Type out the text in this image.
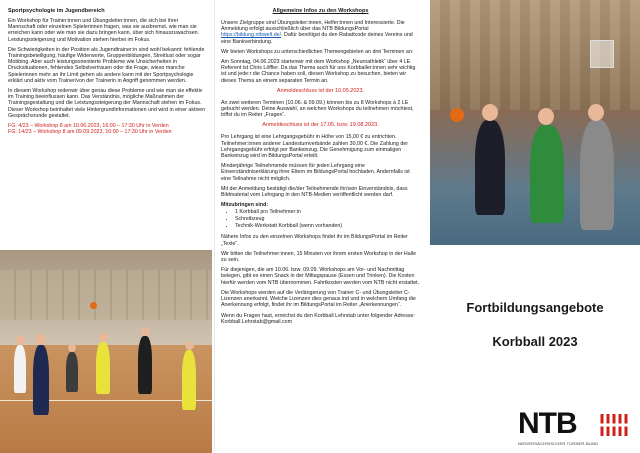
Sportpsychologie im Jugendbereich

Ein Workshop für Trainer:innen und Übungsleiter:innen, die sich bei ihrer Mannschaft oder einzelnen Spielerinnen fragen, was sie ausbremst, wie man sie erreichen kann oder wie man sie dazu bringen kann, über sich hinauszuwachsen. Leistungssteigerung und Motivation stehen hierbei im Fokus.

Die Schwierigkeiten in der Position als Jugendtrainer:in sind wohl bekannt: fehlende Trainingsbeteiligung, häufige Widerworte, Gruppenbildungen, Streitlust oder sogar Mobbing. Aber auch leistungsorientierte Probleme wie Unsicherheiten in Drucksituationen, fehlendes Selbstvertrauen oder die Frage, wieso manche Spielerinnen mehr an ihr Limit gehen als andere kann mit der Sportpsychologie erklärt und aktiv vom Trainer/von der Trainerin in Angriff genommen werden.

In diesem Workshop redenwir über genau diese Probleme und wie man sie effektiv im Training beeinflussen kann. Das Verständnis, mögliche Maßnahmen der Trainingsgestaltung und die Leistungssteigerung der Mannschaft stehen im Fokus. Dieser Workshop beinhaltet viele Hintergrundinformationen und wird in einer aktiven Gesprächsrunde gestaltet.

FG: 4/23 – Workshop 8 am 10.06.2023, 16:00 – 17:30 Uhr in Verden
FG: 14/23 – Workshop 8 am 09.09.2023, 16:00 – 17:30 Uhr in Verden
Allgemeine Infos zu den Workshops

Unsere Zielgruppe sind Übungsleiter:innen, Helfer:innen und Interessierte. Die Anmeldung erfolgt ausschließlich über das NTB BildungsPortal https://bildung.ntbwelt.de/. Dafür benötigst du den Rabattcode deines Vereins und eine Bankverbindung.

Wir bieten Workshops zu unterschiedlichen Themengebieten an drei Terminen an:

Am Sonntag, 04.06.2023 startenwir mit dem Workshop „Neuroathletik“ über 4 LE. Referent ist Chris Löffler. Da das Thema auch für uns Korbballer:innen sehr wichtig ist und jede:r die Chance haben soll, diesen Workshop zu besuchen, bieten wir dieses Thema an einem separaten Termin an.

Anmeldeschluss ist der 10.05.2023.

An zwei weiteren Terminen (10.06. & 09.09.) können bis zu 8 Workshops á 2 LE gebucht werden. Deine Auswahl, an welchen Workshops du teilnehmen möchtest, triffst du im Reiter „Fragen“.

Anmeldeschluss ist der 17.05. bzw. 19.08.2023.

Pro Lehrgang ist eine Lehrgangsgebühr in Höhe von 15,00 € zu entrichten. Teilnehmer:innen anderer Landesturnverbände zahlen 30,00 €. Die Zahlung der Lehrgangsgebühr erfolgt per Bankeinzug. Die Genehmigung zum einmaligen Bankeinzug wird im BildungsPortal erteilt.

Minderjährige Teilnehmende müssen für jeden Lehrgang eine Einverständniserklärung ihrer Eltern im BildungsPortal hochladen. Andernfalls ist eine Teilnahme nicht möglich.

Mit der Anmeldung bestätigt die/der Teilnehmende ihr/sein Einverständnis, dass Bildmaterial vom Lehrgang in den NTB-Medien veröffentlicht werden darf.

Mitzubringen sind:

• 1 Korbball pro Teilnehmer:in
• Schreibzeug
• Technik-Werkstatt Korbball (wenn vorhanden)

Nähere Infos zu den einzelnen Workshops findet ihr im BildungsPortal im Reiter „Texte“.

Wir bitten die Teilnehmer:innen, 15 Minuten vor ihrem ersten Workshop in der Halle zu sein.

Für diejenigen, die am 10.06. bzw. 09.09. Workshops am Vor- und Nachmittag belegen, gibt es einen Snack in der Mittagspause (Essen und Trinken). Die Kosten hierfür werden vom NTB übernommen. Fahrtkosten werden vom NTB nicht erstattet.

Die Workshops werden auf die Verlängerung von Trainer C- und Übungsleiter C-Lizenzen anerkannt. Welche Lizenzen dies genaus ind und in welchem Umfang die Anerkennung erfolgt, findet ihr im BildungsPortal im Reiter „Anerkennungen“.

Wenn du Fragen hast, erreichst du den Korbball Lehrstab unter folgender Adresse: Korbball.Lehrstab@gmail.com

Fortbildungsangebote
Korbball 2023
NTB
NIEDERSÄCHSISCHER TURNER-BUND
